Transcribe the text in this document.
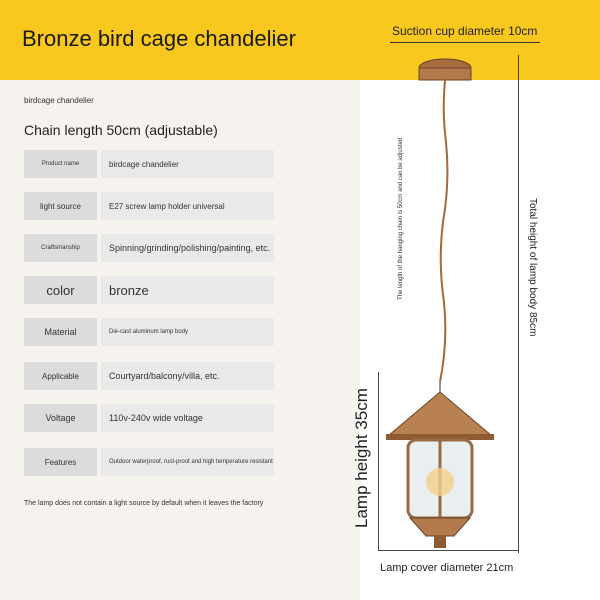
Bronze bird cage chandelier	Suction cup diameter 10cm
birdcage chandelier
Chain length 50cm (adjustable)
Product name	birdcage chandelier
light source	E27 screw lamp holder universal
Craftsmanship	Spinning/grinding/polishing/painting, etc.
color	bronze
Material	Die-cast aluminum lamp body
Applicable	Courtyard/balcony/villa, etc.
Voltage	110v-240v wide voltage
Features	Outdoor waterproof, rust-proof and high temperature resistant
The lamp does not contain a light source by default when it leaves the factory
The length of the hanging chain is 50cm and can be adjusted	Total height of lamp body 85cm
Lamp height 35cm
Lamp cover diameter 21cm
